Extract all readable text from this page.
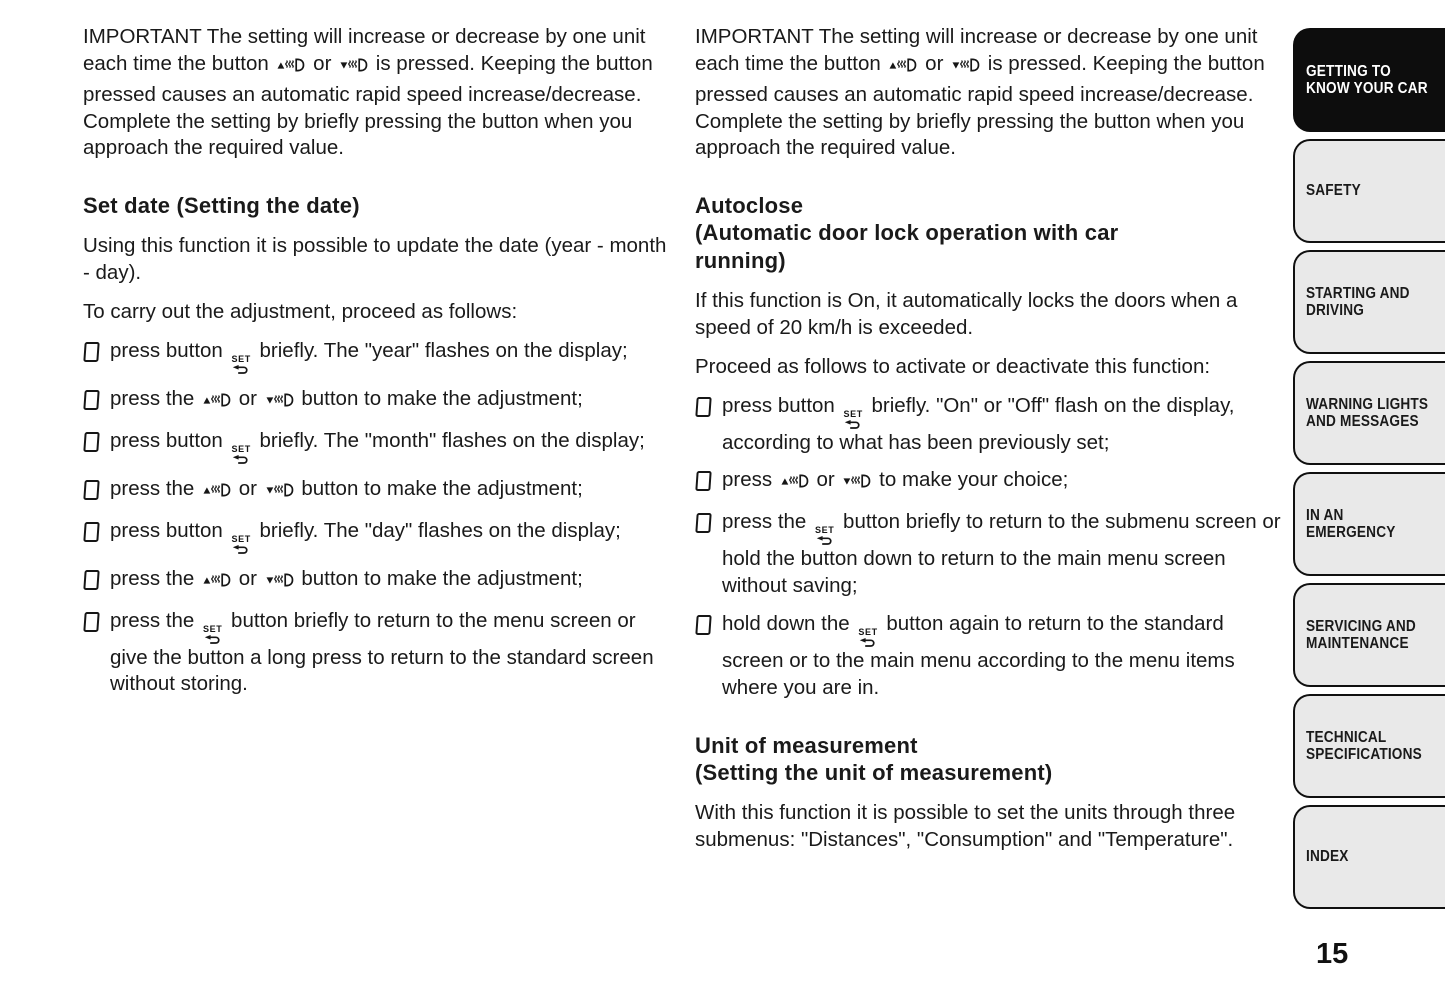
IMPORTANT The setting will increase or decrease by one unit each time the button  or  is pressed. Keeping the button pressed causes an automatic rapid speed increase/decrease. Complete the setting by briefly pressing the button when you approach the required value.

Set date (Setting the date)

Using this function it is possible to update the date (year - month - day).

To carry out the adjustment, proceed as follows:

press button SET briefly. The "year" flashes on the display;
press the  or  button to make the adjustment;
press button SET briefly. The "month" flashes on the display;
press the  or  button to make the adjustment;
press button SET briefly. The "day" flashes on the display;
press the  or  button to make the adjustment;
press the SET button briefly to return to the menu screen or give the button a long press to return to the standard screen without storing.

IMPORTANT The setting will increase or decrease by one unit each time the button  or  is pressed. Keeping the button pressed causes an automatic rapid speed increase/decrease. Complete the setting by briefly pressing the button when you approach the required value.

Autoclose
(Automatic door lock operation with car
running)

If this function is On, it automatically locks the doors when a speed of 20 km/h is exceeded.

Proceed as follows to activate or deactivate this function:

press button SET briefly. "On" or "Off" flash on the display, according to what has been previously set;
press  or  to make your choice;
press the SET button briefly to return to the submenu screen or hold the button down to return to the main menu screen without saving;
hold down the SET button again to return to the standard screen or to the main menu according to the menu items where you are in.
Unit of measurement
(Setting the unit of measurement)

With this function it is possible to set the units through three submenus: "Distances", "Consumption" and "Temperature".

GETTING TO KNOW YOUR CAR
SAFETY
STARTING AND DRIVING
WARNING LIGHTS AND MESSAGES
IN AN EMERGENCY
SERVICING AND MAINTENANCE
TECHNICAL SPECIFICATIONS
INDEX
15
